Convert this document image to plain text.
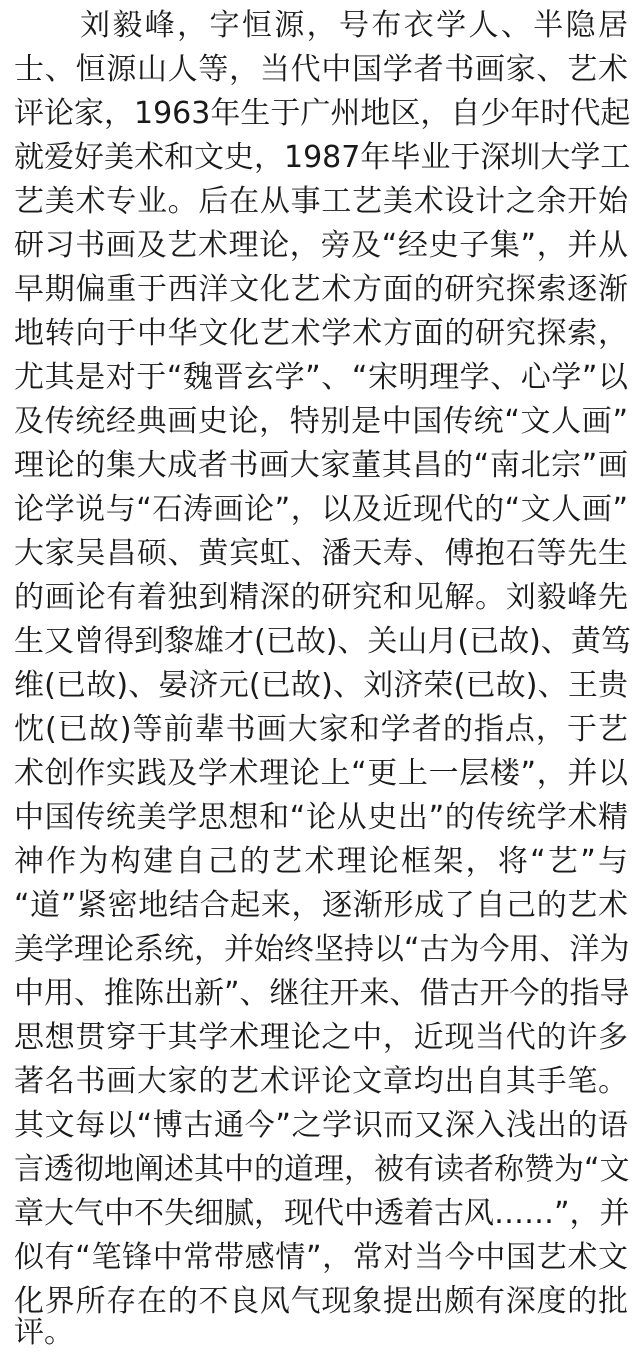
刘毅峰，字恒源，号布衣学人、半隐居
士、恒源山人等，当代中国学者书画家、艺术
评论家，1963年生于广州地区，自少年时代起
就爱好美术和文史，1987年毕业于深圳大学工
艺美术专业。后在从事工艺美术设计之余开始
研习书画及艺术理论，旁及“经史子集”，并从
早期偏重于西洋文化艺术方面的研究探索逐渐
地转向于中华文化艺术学术方面的研究探索，
尤其是对于“魏晋玄学”、“宋明理学、心学”以
及传统经典画史论，特别是中国传统“文人画”
理论的集大成者书画大家董其昌的“南北宗”画
论学说与“石涛画论”，以及近现代的“文人画”
大家吴昌硕、黄宾虹、潘天寿、傅抱石等先生
的画论有着独到精深的研究和见解。刘毅峰先
生又曾得到黎雄才(已故)、关山月(已故)、黄笃
维(已故)、晏济元(已故)、刘济荣(已故)、王贵
忱(已故)等前辈书画大家和学者的指点，于艺
术创作实践及学术理论上“更上一层楼”，并以
中国传统美学思想和“论从史出”的传统学术精
神作为构建自己的艺术理论框架，将“艺”与
“道”紧密地结合起来，逐渐形成了自己的艺术
美学理论系统，并始终坚持以“古为今用、洋为
中用、推陈出新”、继往开来、借古开今的指导
思想贯穿于其学术理论之中，近现当代的许多
著名书画大家的艺术评论文章均出自其手笔。
其文每以“博古通今”之学识而又深入浅出的语
言透彻地阐述其中的道理，被有读者称赞为“文
章大气中不失细腻，现代中透着古风……”，并
似有“笔锋中常带感情”，常对当今中国艺术文
化界所存在的不良风气现象提出颇有深度的批
评。
